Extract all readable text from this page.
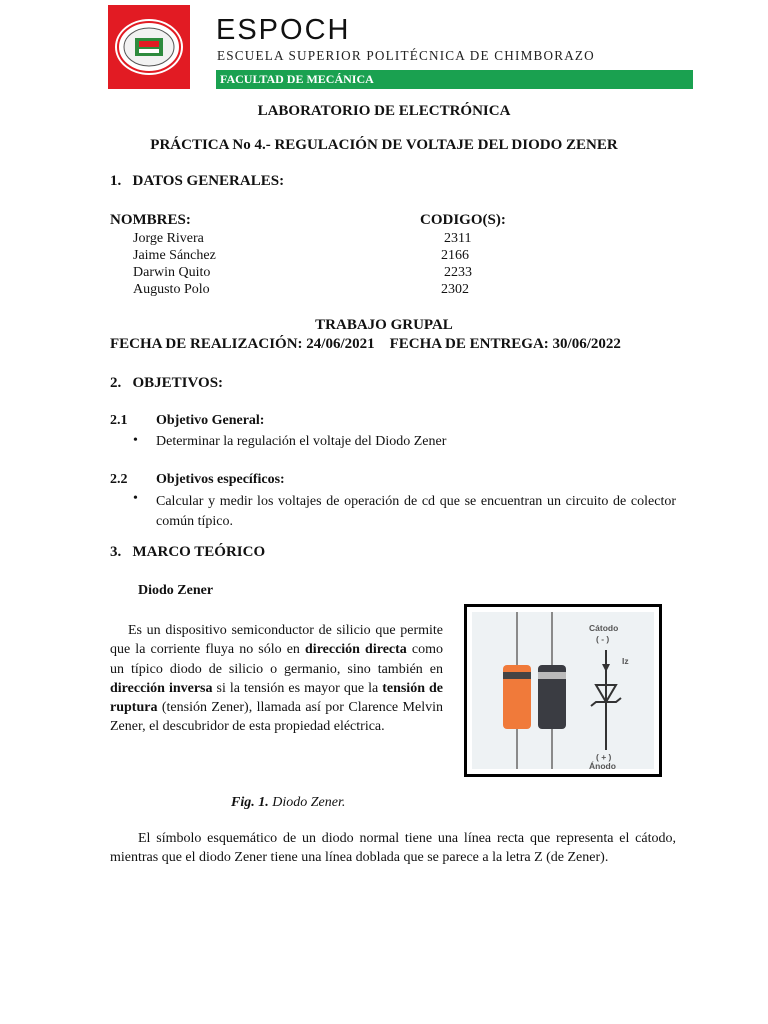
ESPOCH
ESCUELA SUPERIOR POLITÉCNICA DE CHIMBORAZO
FACULTAD DE MECÁNICA
LABORATORIO DE ELECTRÓNICA
PRÁCTICA No 4.- REGULACIÓN DE VOLTAJE DEL DIODO ZENER
1.   DATOS GENERALES:
NOMBRES:	CODIGO(S):
Jorge Rivera	2311
Jaime Sánchez	2166
Darwin Quito	2233
Augusto Polo	2302
TRABAJO GRUPAL
FECHA DE REALIZACIÓN: 24/06/2021    FECHA DE ENTREGA: 30/06/2022
2.   OBJETIVOS:
2.1 Objetivo General:
• Determinar la regulación el voltaje del Diodo Zener
2.2 Objetivos específicos:
• Calcular y medir los voltajes de operación de cd que se encuentran un circuito de colector común típico.
3.   MARCO TEÓRICO
Diodo Zener
Es un dispositivo semiconductor de silicio que permite que la corriente fluya no sólo en dirección directa como un típico diodo de silicio o germanio, sino también en dirección inversa si la tensión es mayor que la tensión de ruptura (tensión Zener), llamada así por Clarence Melvin Zener, el descubridor de esta propiedad eléctrica.
Cátodo
( - )
Iz
( + )
Ánodo
Fig. 1. Diodo Zener.
El símbolo esquemático de un diodo normal tiene una línea recta que representa el cátodo, mientras que el diodo Zener tiene una línea doblada que se parece a la letra Z (de Zener).
